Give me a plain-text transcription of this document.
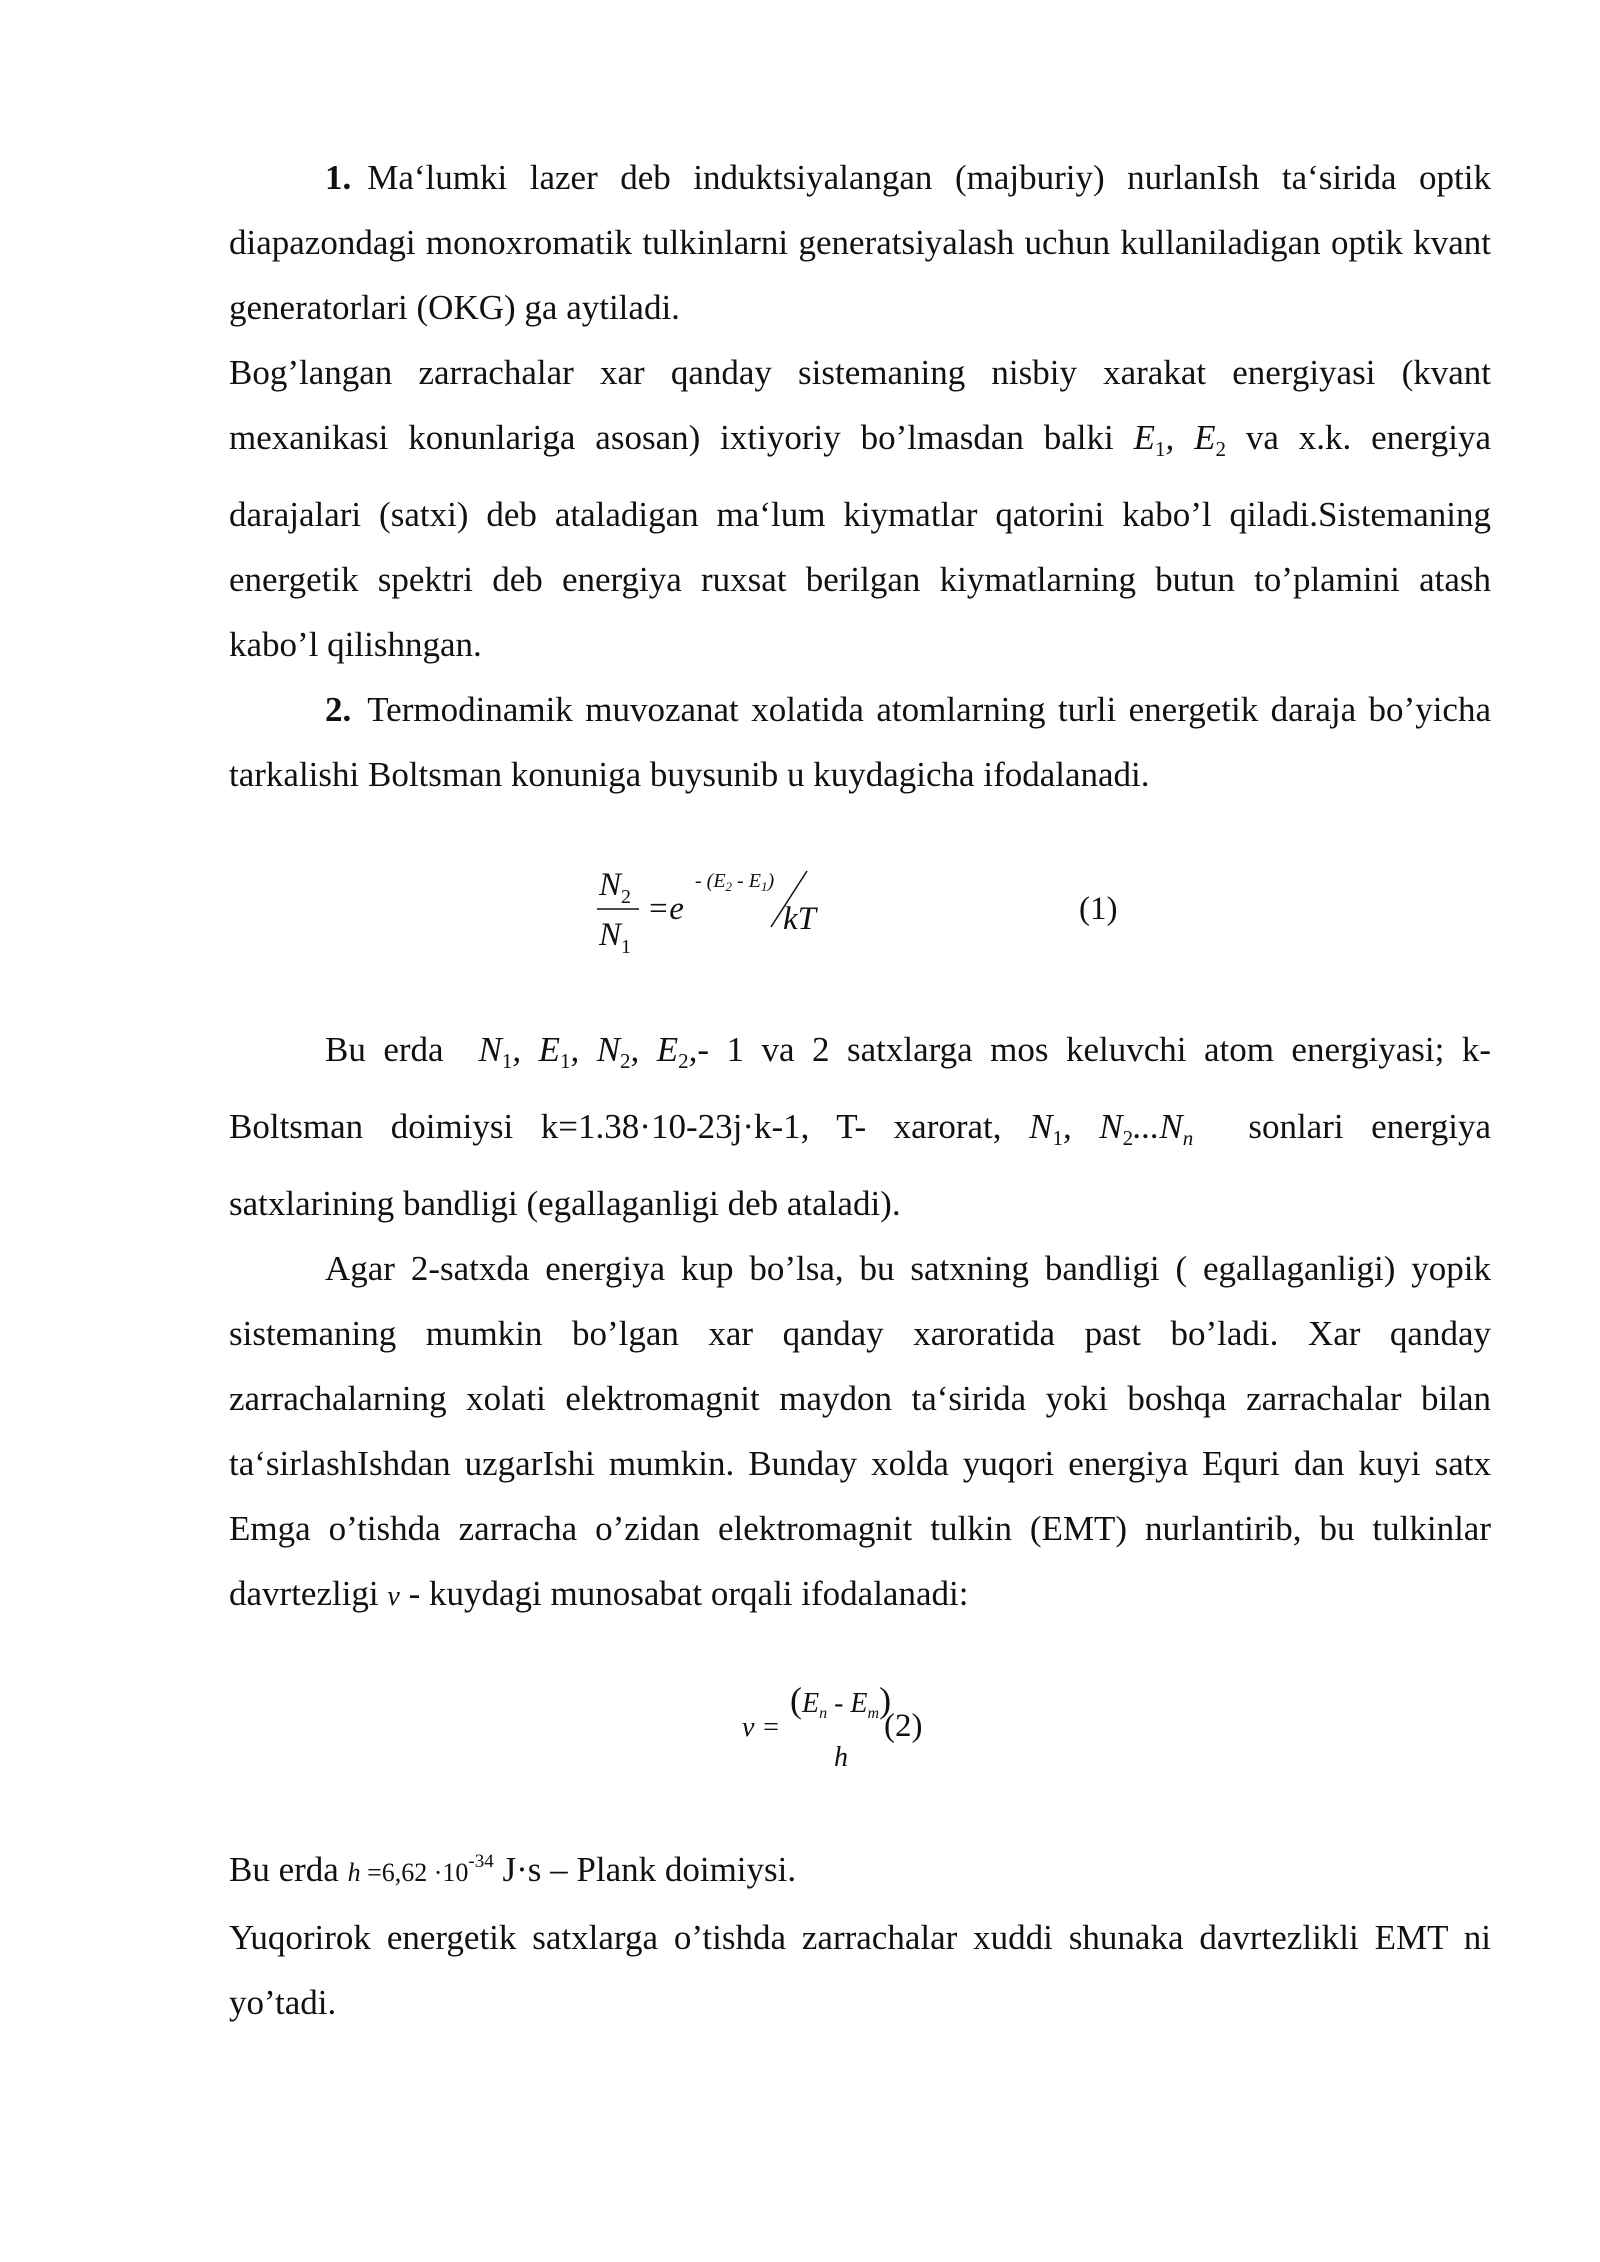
1. Ma‘lumki lazer deb induktsiyalangan (majburiy) nurlanIsh ta‘sirida optik diapazondagi monoxromatik tulkinlarni generatsiyalash uchun kullaniladigan optik kvant generatorlari (OKG) ga aytiladi.

Bog’langan zarrachalar xar qanday sistemaning nisbiy xarakat energiyasi (kvant mexanikasi konunlariga asosan) ixtiyoriy bo’lmasdan balki $E_1$, $E_2$ va x.k. energiya darajalari (satxi) deb ataladigan ma‘lum kiymatlar qatorini kabo’l qiladi.Sistemaning energetik spektri deb energiya ruxsat berilgan kiymatlarning butun to’plamini atash kabo’l qilishngan.

2. Termodinamik muvozanat xolatida atomlarning turli energetik daraja bo’yicha tarkalishi Boltsman konuniga buysunib u kuydagicha ifodalanadi.

$N_2$
$N_1$
=e
- $(E_2 - E_1)$
kT	(1)

Bu erda $N_1$, $E_1$, $N_2$, $E_2,-$ 1 va 2 satxlarga mos keluvchi atom energiyasi; k-Boltsman doimiysi k=1.38·10-23j·k-1, T- xarorat, $N_1$, $N_2...N_n$ sonlari energiya satxlarining bandligi (egallaganligi deb ataladi).

Agar 2-satxda energiya kup bo’lsa, bu satxning bandligi ( egallaganligi) yopik sistemaning mumkin bo’lgan xar qanday xaroratida past bo’ladi. Xar qanday zarrachalarning xolati elektromagnit maydon ta‘sirida yoki boshqa zarrachalar bilan ta‘sirlashIshdan uzgarIshi mumkin. Bunday xolda yuqori energiya Equri dan kuyi satx Emga o’tishda zarracha o’zidan elektromagnit tulkin (EMT) nurlantirib, bu tulkinlar davrtezligi ν - kuydagi munosabat orqali ifodalanadi:

ν =
$(E_n - E_m)$
h
(2)

Bu erda $h =6,62 \cdot 10^{-34}$ J·s – Plank doimiysi.

Yuqorirok energetik satxlarga o’tishda zarrachalar xuddi shunaka davrtezlikli EMT ni yo’tadi.
